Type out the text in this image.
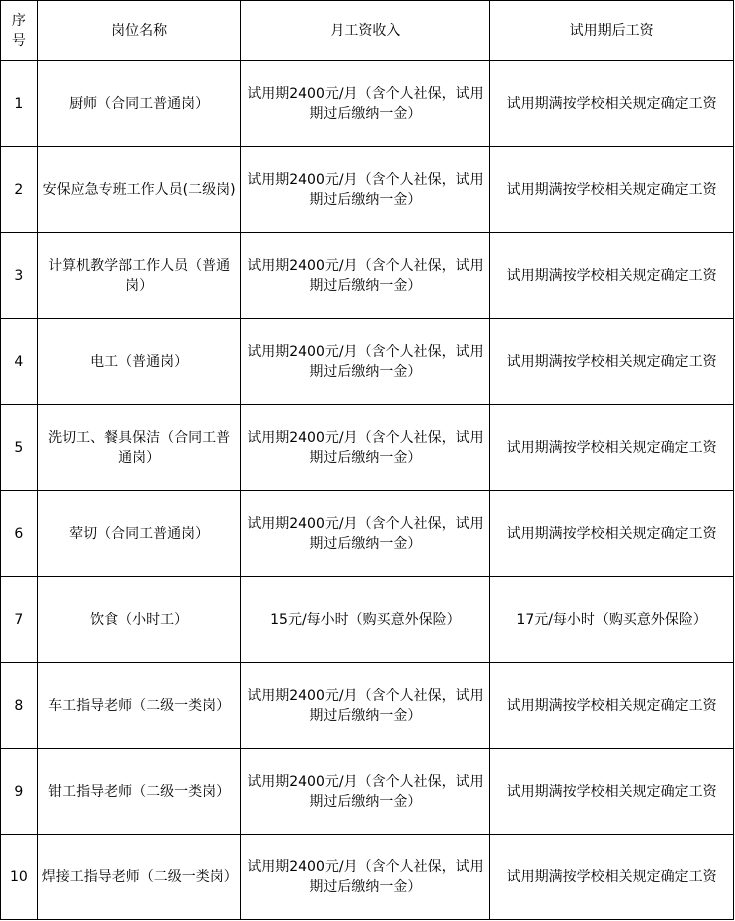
序号	岗位名称	月工资收入	试用期后工资
1	厨师（合同工普通岗）	试用期2400元/月（含个人社保，试用期过后缴纳一金）	试用期满按学校相关规定确定工资
2	安保应急专班工作人员(二级岗)	试用期2400元/月（含个人社保，试用期过后缴纳一金）	试用期满按学校相关规定确定工资
3	计算机教学部工作人员（普通岗）	试用期2400元/月（含个人社保，试用期过后缴纳一金）	试用期满按学校相关规定确定工资
4	电工（普通岗）	试用期2400元/月（含个人社保，试用期过后缴纳一金）	试用期满按学校相关规定确定工资
5	洗切工、餐具保洁（合同工普通岗）	试用期2400元/月（含个人社保，试用期过后缴纳一金）	试用期满按学校相关规定确定工资
6	荤切（合同工普通岗）	试用期2400元/月（含个人社保，试用期过后缴纳一金）	试用期满按学校相关规定确定工资
7	饮食（小时工）	15元/每小时（购买意外保险）	17元/每小时（购买意外保险）
8	车工指导老师（二级一类岗）	试用期2400元/月（含个人社保，试用期过后缴纳一金）	试用期满按学校相关规定确定工资
9	钳工指导老师（二级一类岗）	试用期2400元/月（含个人社保，试用期过后缴纳一金）	试用期满按学校相关规定确定工资
10	焊接工指导老师（二级一类岗）	试用期2400元/月（含个人社保，试用期过后缴纳一金）	试用期满按学校相关规定确定工资
